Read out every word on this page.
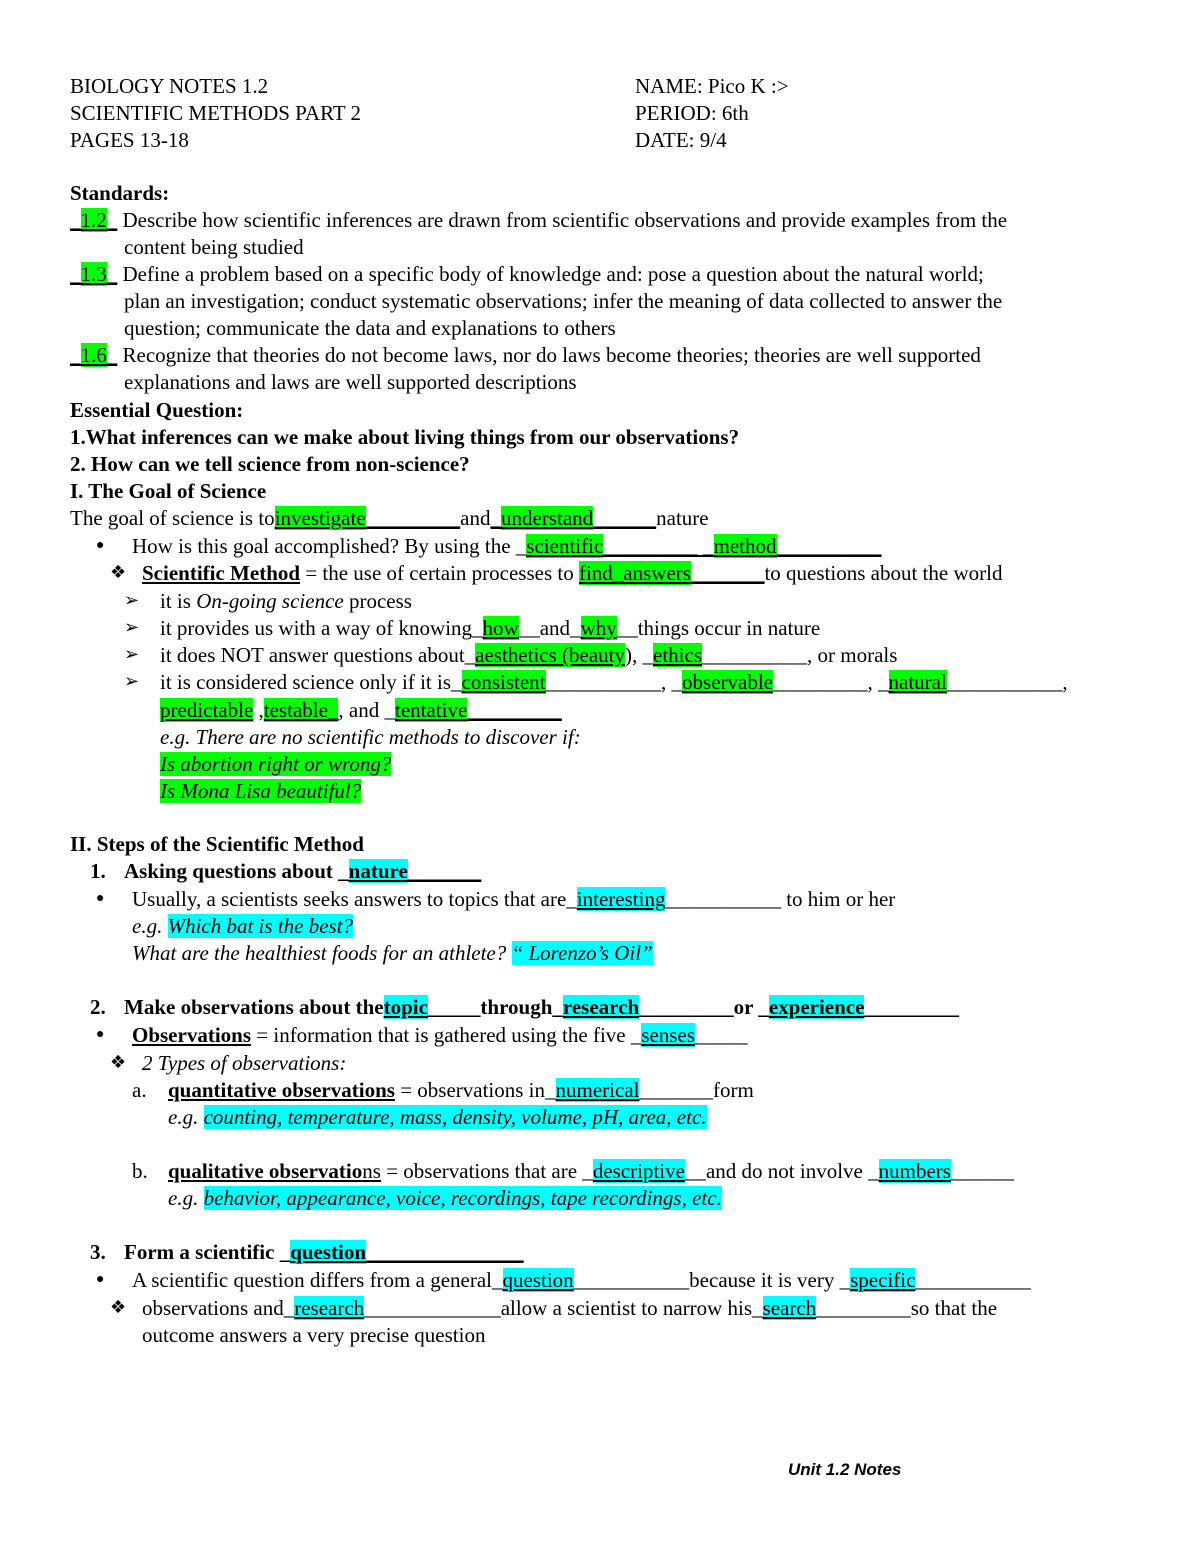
BIOLOGY NOTES 1.2
SCIENTIFIC METHODS PART 2
PAGES 13-18
NAME: Pico K :>
PERIOD: 6th
DATE: 9/4
Standards:
_1.2_ Describe how scientific inferences are drawn from scientific observations and provide examples from the
content being studied
_1.3_ Define a problem based on a specific body of knowledge and: pose a question about the natural world;
plan an investigation; conduct systematic observations; infer the meaning of data collected to answer the
question; communicate the data and explanations to others
_1.6_ Recognize that theories do not become laws, nor do laws become theories; theories are well supported
explanations and laws are well supported descriptions
Essential Question:
1.What inferences can we make about living things from our observations?
2. How can we tell science from non-science?
I. The Goal of Science
The goal of science is toinvestigate_________and_understand______nature
● How is this goal accomplished? By using the _scientific_________ _method__________
❖ Scientific Method = the use of certain processes to find_answers_______to questions about the world
➢ it is On-going science process
➢ it provides us with a way of knowing_how__and_why__things occur in nature
➢ it does NOT answer questions about_aesthetics (beauty), _ethics__________, or morals
➢ it is considered science only if it is_consistent___________, _observable_________, _natural___________,
predictable ,testable_, and _tentative_________
e.g. There are no scientific methods to discover if:
Is abortion right or wrong?
Is Mona Lisa beautiful?
II. Steps of the Scientific Method
1. Asking questions about _nature_______
● Usually, a scientists seeks answers to topics that are_interesting___________ to him or her
e.g. Which bat is the best?
What are the healthiest foods for an athlete? “ Lorenzo’s Oil”
2. Make observations about thetopic_____through_research_________or _experience_________
● Observations = information that is gathered using the five _senses_____
❖ 2 Types of observations:
a. quantitative observations = observations in_numerical_______form
e.g. counting, temperature, mass, density, volume, pH, area, etc.
b. qualitative observations = observations that are _descriptive__and do not involve _numbers______
e.g. behavior, appearance, voice, recordings, tape recordings, etc.
3. Form a scientific _question_______________
● A scientific question differs from a general_question___________because it is very _specific___________
❖ observations and_research_____________allow a scientist to narrow his_search_________so that the
outcome answers a very precise question
Unit 1.2 Notes
